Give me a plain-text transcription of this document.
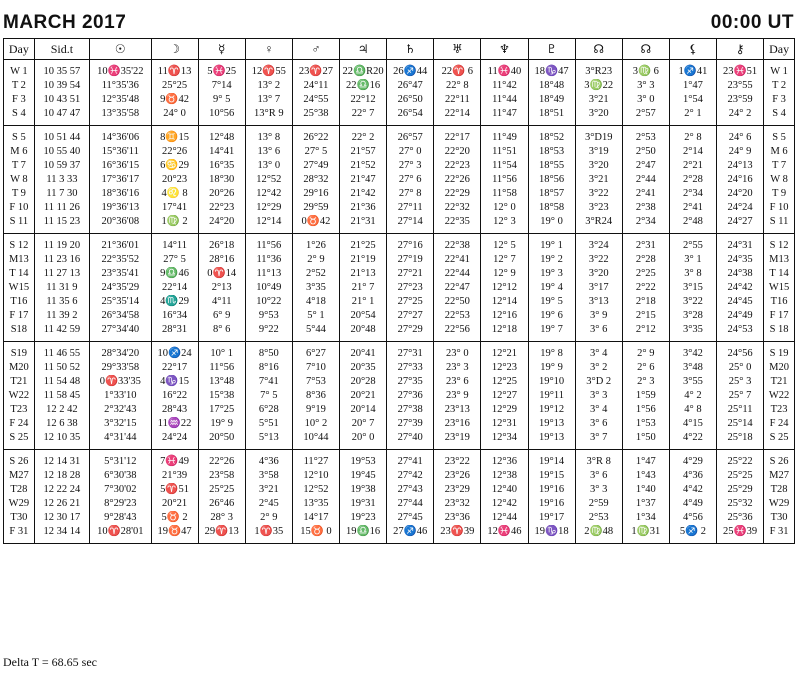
MARCH 2017	00:00 UT
Day	Sid.t	☉	☽	☿	♀	♂	♃	♄	♅	♆	♇	☊	☊	⚸	⚷	Day
W 1	10 35 57	10♓35'22	11♈13	5♓25	12♈55	23♈27	22♎R20	26♐44	22♈ 6	11♓40	18♑47	3°R23	3♍ 6	1♐41	23♓51	W 1
T 2	10 39 54	11°35'36	25°25	7°14	13° 2	24°11	22♎16	26°47	22° 8	11°42	18°48	3♍22	3° 3	1°47	23°55	T 2
F 3	10 43 51	12°35'48	9♉42	9° 5	13° 7	24°55	22°12	26°50	22°11	11°44	18°49	3°21	3° 0	1°54	23°59	F 3
S 4	10 47 47	13°35'58	24° 0	10°56	13°R 9	25°38	22° 7	26°54	22°14	11°47	18°51	3°20	2°57	2° 1	24° 2	S 4
S 5	10 51 44	14°36'06	8♊15	12°48	13° 8	26°22	22° 2	26°57	22°17	11°49	18°52	3°D19	2°53	2° 8	24° 6	S 5
M 6	10 55 40	15°36'11	22°26	14°41	13° 6	27° 5	21°57	27° 0	22°20	11°51	18°53	3°19	2°50	2°14	24° 9	M 6
T 7	10 59 37	16°36'15	6♋29	16°35	13° 0	27°49	21°52	27° 3	22°23	11°54	18°55	3°20	2°47	2°21	24°13	T 7
W 8	11 3 33	17°36'17	20°23	18°30	12°52	28°32	21°47	27° 6	22°26	11°56	18°56	3°21	2°44	2°28	24°16	W 8
T 9	11 7 30	18°36'16	4♌ 8	20°26	12°42	29°16	21°42	27° 8	22°29	11°58	18°57	3°22	2°41	2°34	24°20	T 9
F 10	11 11 26	19°36'13	17°41	22°23	12°29	29°59	21°36	27°11	22°32	12° 0	18°58	3°23	2°38	2°41	24°24	F 10
S 11	11 15 23	20°36'08	1♍ 2	24°20	12°14	0♉42	21°31	27°14	22°35	12° 3	19° 0	3°R24	2°34	2°48	24°27	S 11
S 12	11 19 20	21°36'01	14°11	26°18	11°56	1°26	21°25	27°16	22°38	12° 5	19° 1	3°24	2°31	2°55	24°31	S 12
M13	11 23 16	22°35'52	27° 5	28°16	11°36	2° 9	21°19	27°19	22°41	12° 7	19° 2	3°22	2°28	3° 1	24°35	M13
T 14	11 27 13	23°35'41	9♎46	0♈14	11°13	2°52	21°13	27°21	22°44	12° 9	19° 3	3°20	2°25	3° 8	24°38	T 14
W15	11 31 9	24°35'29	22°14	2°13	10°49	3°35	21° 7	27°23	22°47	12°12	19° 4	3°17	2°22	3°15	24°42	W15
T16	11 35 6	25°35'14	4♏29	4°11	10°22	4°18	21° 1	27°25	22°50	12°14	19° 5	3°13	2°18	3°22	24°45	T16
F 17	11 39 2	26°34'58	16°34	6° 9	9°53	5° 1	20°54	27°27	22°53	12°16	19° 6	3° 9	2°15	3°28	24°49	F 17
S18	11 42 59	27°34'40	28°31	8° 6	9°22	5°44	20°48	27°29	22°56	12°18	19° 7	3° 6	2°12	3°35	24°53	S 18
S19	11 46 55	28°34'20	10♐24	10° 1	8°50	6°27	20°41	27°31	23° 0	12°21	19° 8	3° 4	2° 9	3°42	24°56	S 19
M20	11 50 52	29°33'58	22°17	11°56	8°16	7°10	20°35	27°33	23° 3	12°23	19° 9	3° 2	2° 6	3°48	25° 0	M20
T21	11 54 48	0♈33'35	4♑15	13°48	7°41	7°53	20°28	27°35	23° 6	12°25	19°10	3°D 2	2° 3	3°55	25° 3	T21
W22	11 58 45	1°33'10	16°22	15°38	7° 5	8°36	20°21	27°36	23° 9	12°27	19°11	3° 3	1°59	4° 2	25° 7	W22
T23	12 2 42	2°32'43	28°43	17°25	6°28	9°19	20°14	27°38	23°13	12°29	19°12	3° 4	1°56	4° 8	25°11	T23
F 24	12 6 38	3°32'15	11♒22	19° 9	5°51	10° 2	20° 7	27°39	23°16	12°31	19°13	3° 6	1°53	4°15	25°14	F 24
S 25	12 10 35	4°31'44	24°24	20°50	5°13	10°44	20° 0	27°40	23°19	12°34	19°13	3° 7	1°50	4°22	25°18	S 25
S 26	12 14 31	5°31'12	7♓49	22°26	4°36	11°27	19°53	27°41	23°22	12°36	19°14	3°R 8	1°47	4°29	25°22	S 26
M27	12 18 28	6°30'38	21°39	23°58	3°58	12°10	19°45	27°42	23°26	12°38	19°15	3° 6	1°43	4°36	25°25	M27
T28	12 22 24	7°30'02	5♈51	25°25	3°21	12°52	19°38	27°43	23°29	12°40	19°16	3° 3	1°40	4°42	25°29	T28
W29	12 26 21	8°29'23	20°21	26°46	2°45	13°35	19°31	27°44	23°32	12°42	19°16	2°59	1°37	4°49	25°32	W29
T30	12 30 17	9°28'43	5♉ 2	28° 3	2° 9	14°17	19°23	27°45	23°36	12°44	19°17	2°53	1°34	4°56	25°36	T30
F 31	12 34 14	10♈28'01	19♉47	29♈13	1♈35	15♉ 0	19♎16	27♐46	23♈39	12♓46	19♑18	2♍48	1♍31	5♐ 2	25♓39	F 31
Delta T = 68.65 sec
